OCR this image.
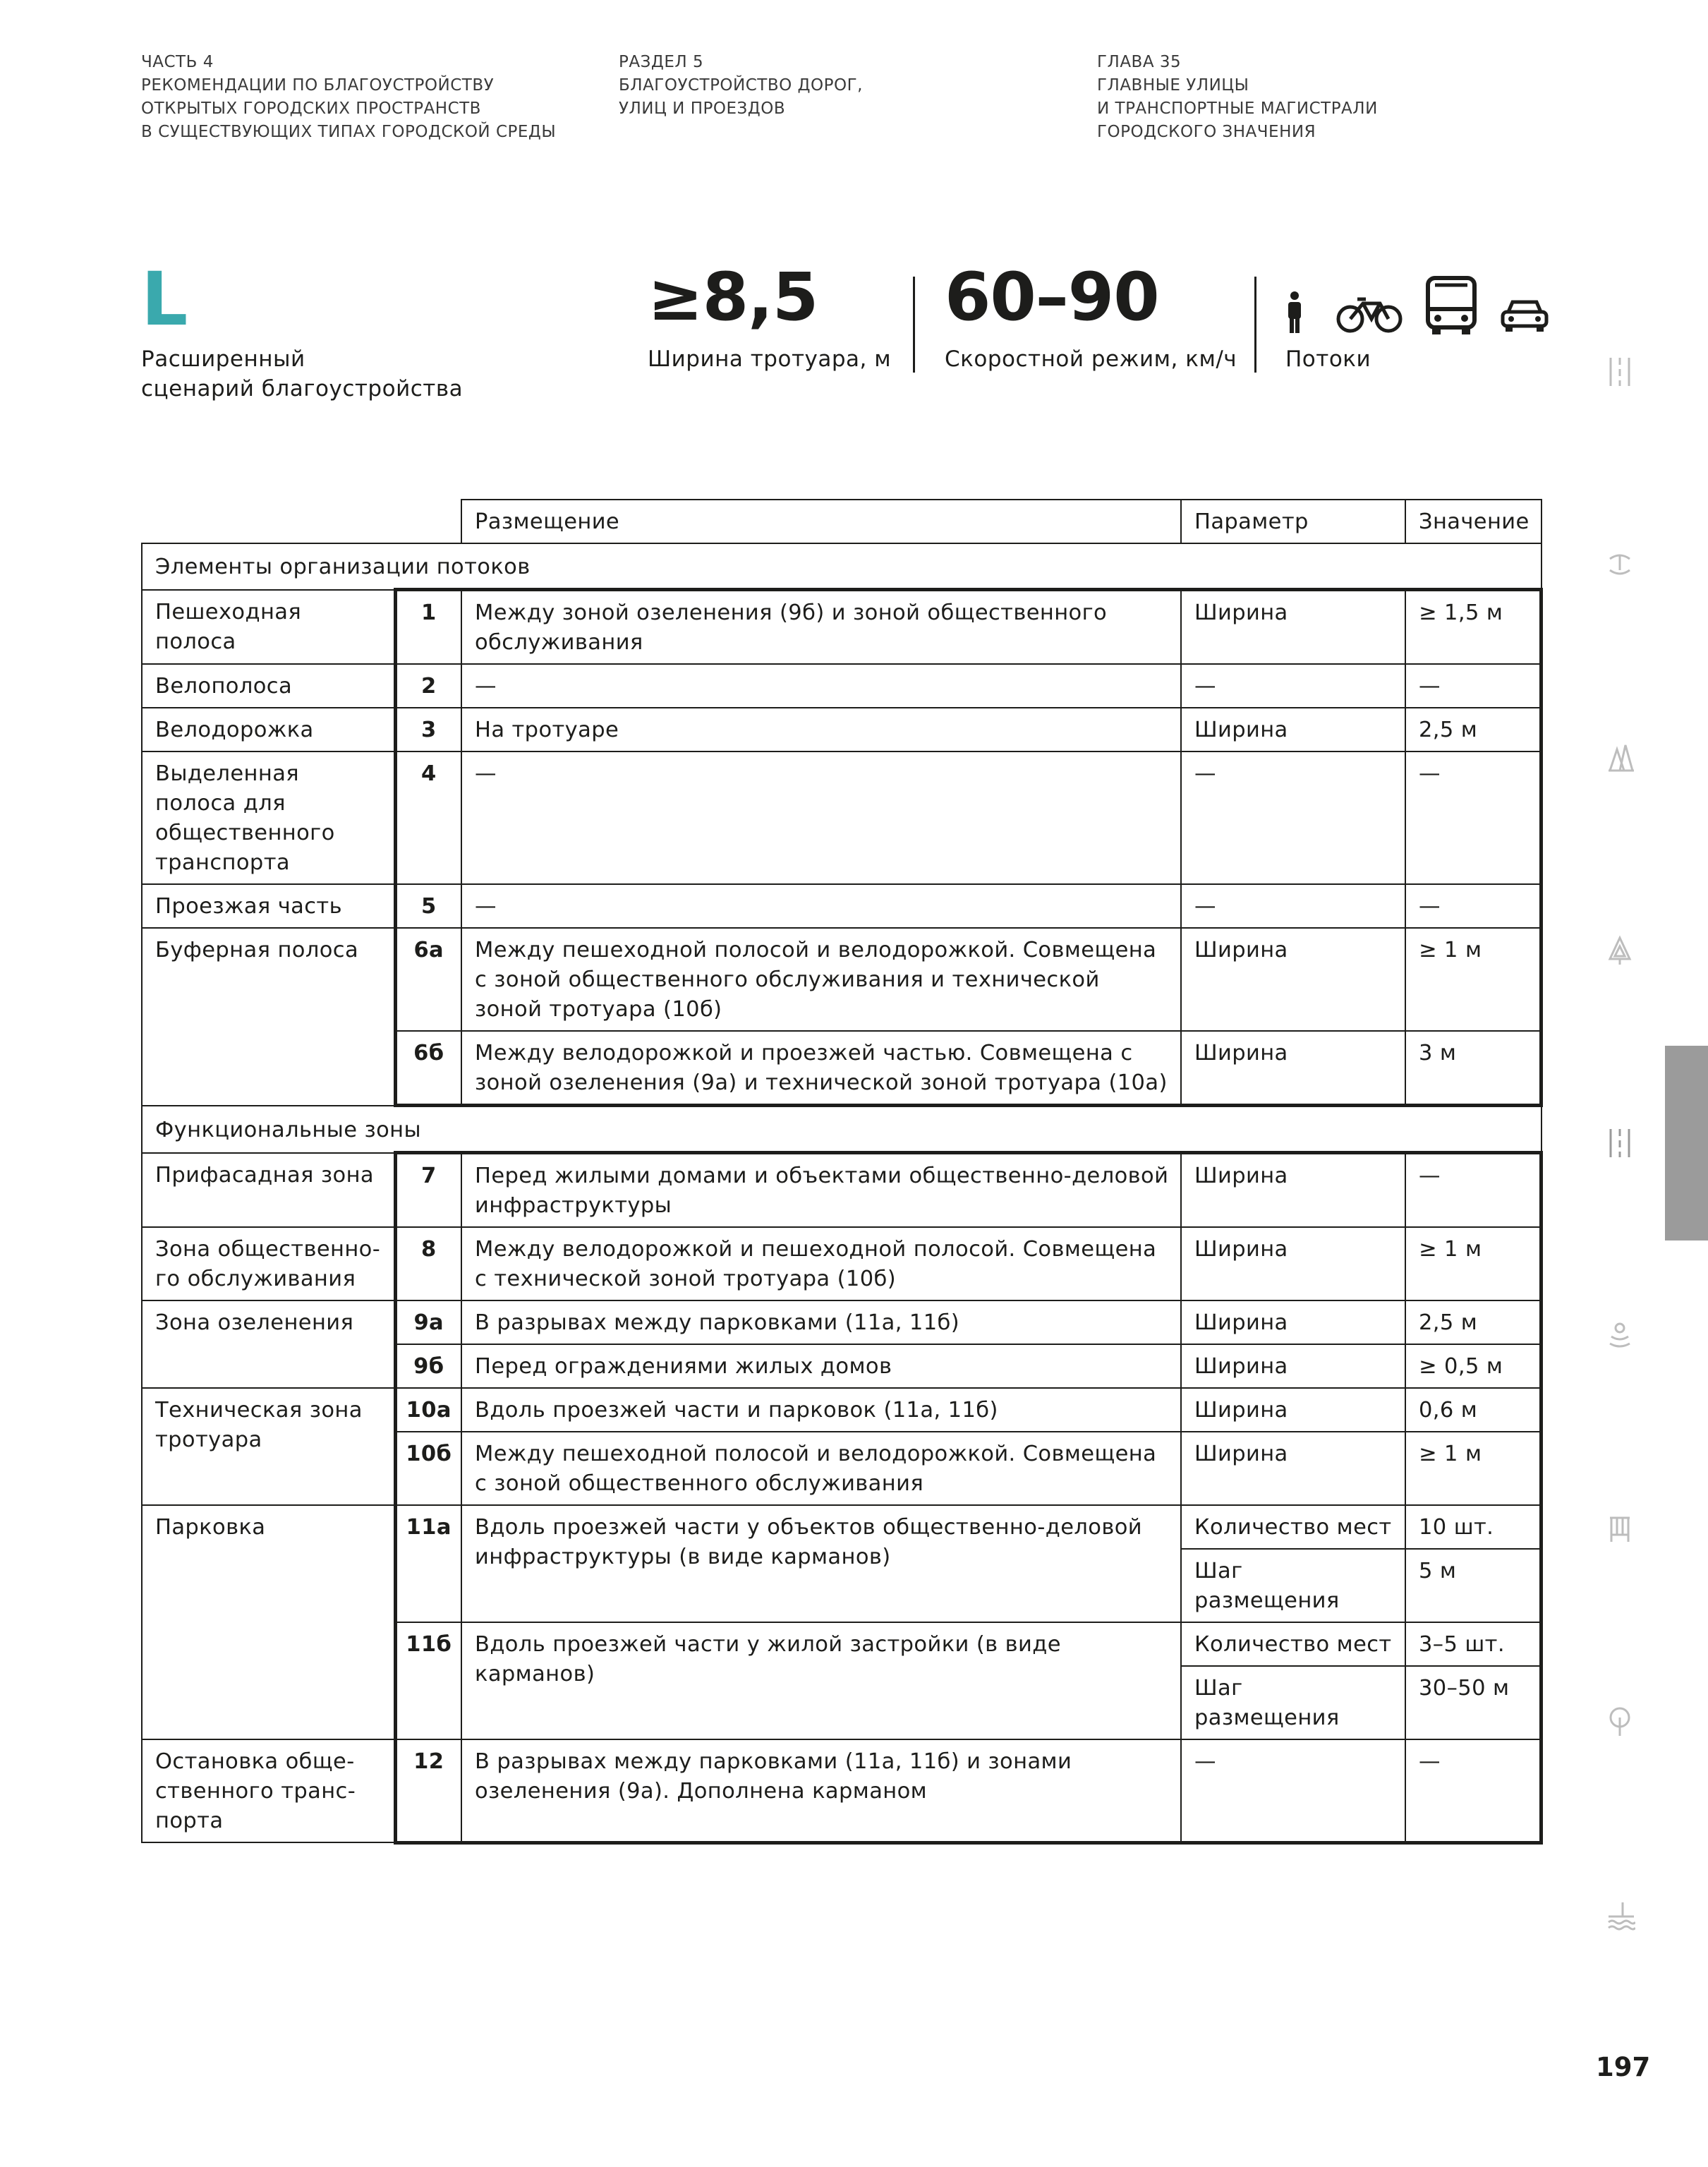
ЧАСТЬ 4
РЕКОМЕНДАЦИИ ПО БЛАГОУСТРОЙСТВУ
ОТКРЫТЫХ ГОРОДСКИХ ПРОСТРАНСТВ
В СУЩЕСТВУЮЩИХ ТИПАХ ГОРОДСКОЙ СРЕДЫ
РАЗДЕЛ 5
БЛАГОУСТРОЙСТВО ДОРОГ,
УЛИЦ И ПРОЕЗДОВ
ГЛАВА 35
ГЛАВНЫЕ УЛИЦЫ
И ТРАНСПОРТНЫЕ МАГИСТРАЛИ
ГОРОДСКОГО ЗНАЧЕНИЯ
L
Расширенный
сценарий благоустройства
≥8,5
Ширина тротуара, м
60–90
Скоростной режим, км/ч Потоки
		Размещение	Параметр	Значение
Элементы организации потоков				
Пешеходная полоса	1	Между зоной озеленения (9б) и зоной общественного обслуживания	Ширина	≥ 1,5 м
Велополоса	2	—	—	—
Велодорожка	3	На тротуаре	Ширина	2,5 м
Выделенная полоса для общественного транспорта	4	—	—	—
Проезжая часть	5	—	—	—
Буферная полоса	6а	Между пешеходной полосой и велодорожкой. Совмещена с зоной общественного обслуживания и технической зоной тротуара (10б)	Ширина	≥ 1 м
	6б	Между велодорожкой и проезжей частью. Совмещена с зоной озеленения (9а) и технической зоной тротуара (10а)	Ширина	3 м
Функциональные зоны				
Прифасадная зона	7	Перед жилыми домами и объектами общественно-деловой инфраструктуры	Ширина	—
Зона общественного обслуживания	8	Между велодорожкой и пешеходной полосой. Совмещена с технической зоной тротуара (10б)	Ширина	≥ 1 м
Зона озеленения	9а	В разрывах между парковками (11а, 11б)	Ширина	2,5 м
	9б	Перед ограждениями жилых домов	Ширина	≥ 0,5 м
Техническая зона тротуара	10а	Вдоль проезжей части и парковок (11а, 11б)	Ширина	0,6 м
	10б	Между пешеходной полосой и велодорожкой. Совмещена с зоной общественного обслуживания	Ширина	≥ 1 м
Парковка	11а	Вдоль проезжей части у объектов общественно-деловой инфраструктуры (в виде карманов)	Количество мест	10 шт.
			Шаг размещения	5 м
	11б	Вдоль проезжей части у жилой застройки (в виде карманов)	Количество мест	3–5 шт.
			Шаг размещения	30–50 м
Остановка общественного транспорта	12	В разрывах между парковками (11а, 11б) и зонами озеленения (9а). Дополнена карманом	—	—
197
